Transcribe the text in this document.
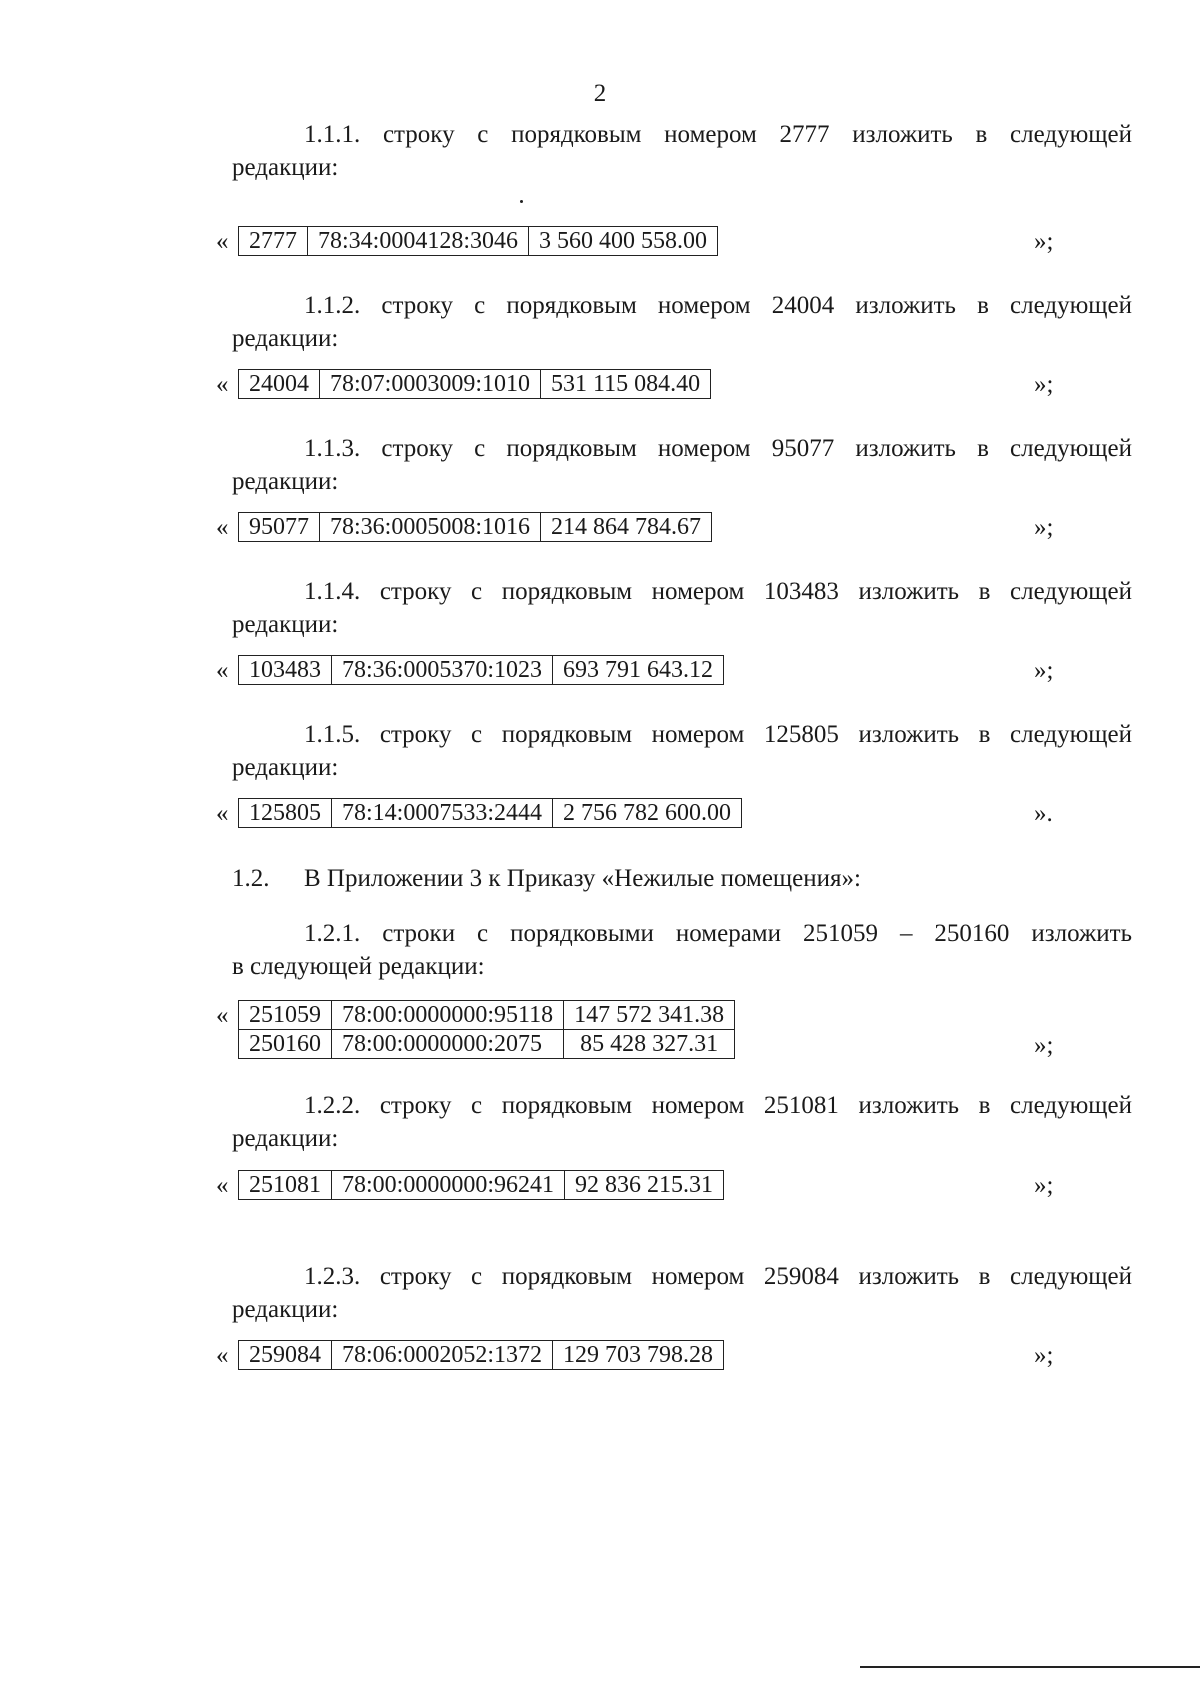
2
1.1.1. строку с порядковым номером 2777 изложить в следующей
редакции:
« 2777	78:34:0004128:3046	3 560 400 558.00	»;
1.1.2. строку с порядковым номером 24004 изложить в следующей
редакции:
« 24004	78:07:0003009:1010	531 115 084.40	»;
1.1.3. строку с порядковым номером 95077 изложить в следующей
редакции:
« 95077	78:36:0005008:1016	214 864 784.67	»;
1.1.4. строку с порядковым номером 103483 изложить в следующей
редакции:
« 103483	78:36:0005370:1023	693 791 643.12	»;
1.1.5. строку с порядковым номером 125805 изложить в следующей
редакции:
« 125805	78:14:0007533:2444	2 756 782 600.00	».
1.2. В Приложении 3 к Приказу «Нежилые помещения»:
1.2.1. строки с порядковыми номерами 251059 – 250160 изложить
в следующей редакции:
« 251059	78:00:0000000:95118	147 572 341.38
250160	78:00:0000000:2075	85 428 327.31	»;
1.2.2. строку с порядковым номером 251081 изложить в следующей
редакции:
« 251081	78:00:0000000:96241	92 836 215.31	»;
1.2.3. строку с порядковым номером 259084 изложить в следующей
редакции:
« 259084	78:06:0002052:1372	129 703 798.28	»;
